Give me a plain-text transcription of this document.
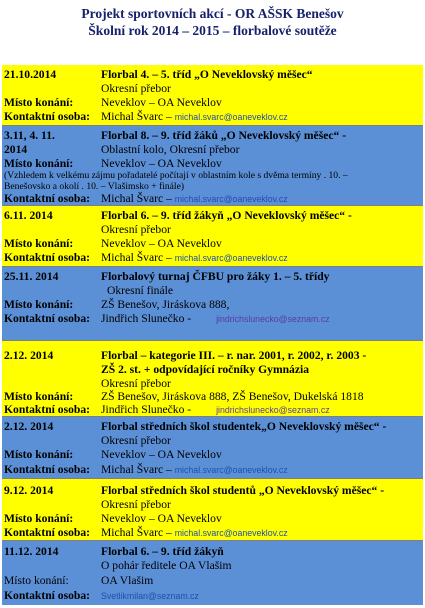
Projekt sportovních akcí - OR AŠSK Benešov
Školní rok 2014 – 2015 – florbalové soutěže
21.10.2014	Florbal 4. – 5. tříd „O Neveklovský měšec“
Okresní přebor
Místo konání: Neveklov – OA Neveklov
Kontaktní osoba: Michal Švarc – michal.svarc@oaneveklov.cz
3.11, 4. 11.	Florbal 8. – 9. tříd žáků „O Neveklovský měšec“ -
2014	Oblastní kolo, Okresní přebor
Místo konání: Neveklov – OA Neveklov
(Vzhledem k velkému zájmu pořadatelé počítají v oblastním kole s dvěma termíny . 10. –
Benešovsko a okolí . 10. – Vlašimsko + finále)
Kontaktní osoba: Michal Švarc – michal.svarc@oaneveklov.cz
6.11. 2014	Florbal 6. – 9. tříd žákyň „O Neveklovský měšec“ -
Okresní přebor
Místo konání: Neveklov – OA Neveklov
Kontaktní osoba: Michal Švarc – michal.svarc@oaneveklov.cz
25.11. 2014	Florbalový turnaj ČFBU pro žáky 1. – 5. třídy
Okresní finále
Místo konání: ZŠ Benešov, Jiráskova 888,
Kontaktní osoba: Jindřich Slunečko -	jindrichslunecko@seznam.cz
2.12. 2014	Florbal – kategorie III. – r. nar. 2001, r. 2002, r. 2003 -
ZŠ 2. st. + odpovídající ročníky Gymnázia
Okresní přebor
Místo konání: ZŠ Benešov, Jiráskova 888, ZŠ Benešov, Dukelská 1818
Kontaktní osoba: Jindřich Slunečko -	jindrichslunecko@seznam.cz
2.12. 2014	Florbal středních škol studentek„O Neveklovský měšec“ -
Okresní přebor
Místo konání: Neveklov – OA Neveklov
Kontaktní osoba: Michal Švarc – michal.svarc@oaneveklov.cz
9.12. 2014	Florbal středních škol studentů „O Neveklovský měšec“ -
Okresní přebor
Místo konání: Neveklov – OA Neveklov
Kontaktní osoba: Michal Švarc – michal.svarc@oaneveklov.cz
11.12. 2014	Florbal 6. – 9. tříd žákyň
O pohár ředitele OA Vlašim
Místo konání:	OA Vlašim
Kontaktní osoba: Svetlikmilan@seznam.cz
